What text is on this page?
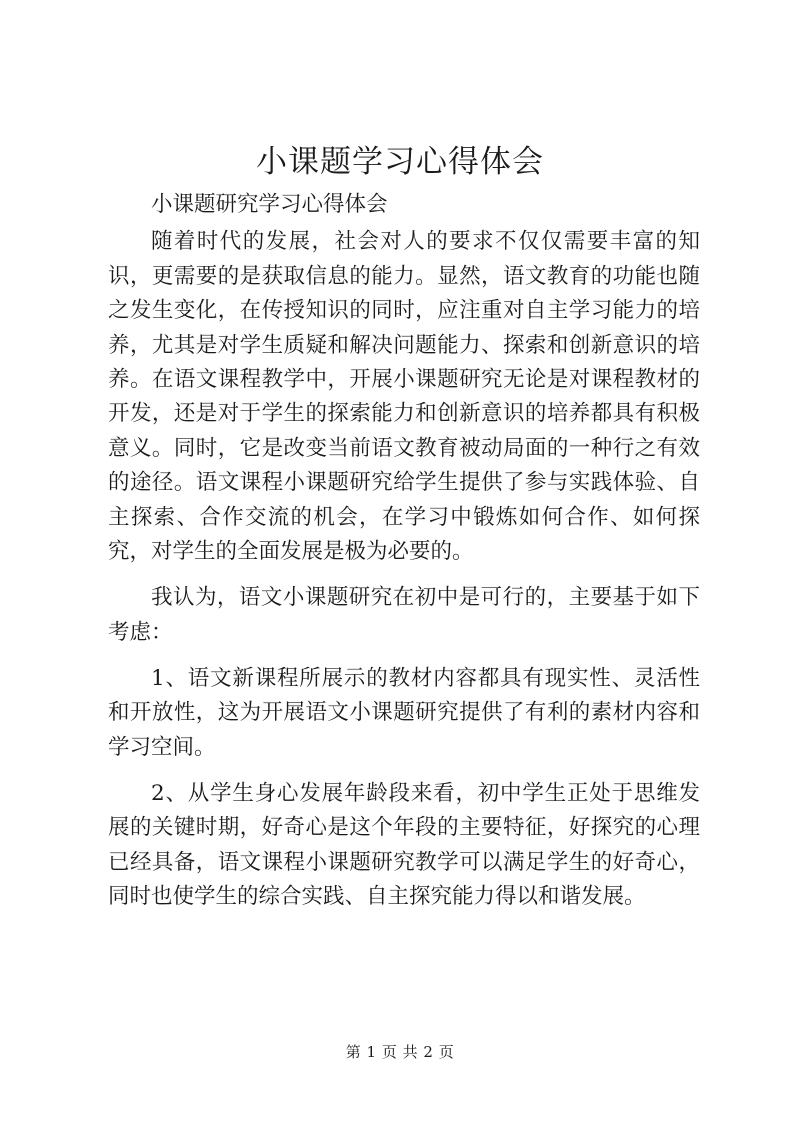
小课题学习心得体会

小课题研究学习心得体会

随着时代的发展，社会对人的要求不仅仅需要丰富的知识，更需要的是获取信息的能力。显然，语文教育的功能也随之发生变化，在传授知识的同时，应注重对自主学习能力的培养，尤其是对学生质疑和解决问题能力、探索和创新意识的培养。在语文课程教学中，开展小课题研究无论是对课程教材的开发，还是对于学生的探索能力和创新意识的培养都具有积极意义。同时，它是改变当前语文教育被动局面的一种行之有效的途径。语文课程小课题研究给学生提供了参与实践体验、自主探索、合作交流的机会，在学习中锻炼如何合作、如何探究，对学生的全面发展是极为必要的。

我认为，语文小课题研究在初中是可行的，主要基于如下考虑：

1、语文新课程所展示的教材内容都具有现实性、灵活性和开放性，这为开展语文小课题研究提供了有利的素材内容和学习空间。

2、从学生身心发展年龄段来看，初中学生正处于思维发展的关键时期，好奇心是这个年段的主要特征，好探究的心理已经具备，语文课程小课题研究教学可以满足学生的好奇心，同时也使学生的综合实践、自主探究能力得以和谐发展。

第 1 页 共 2 页
